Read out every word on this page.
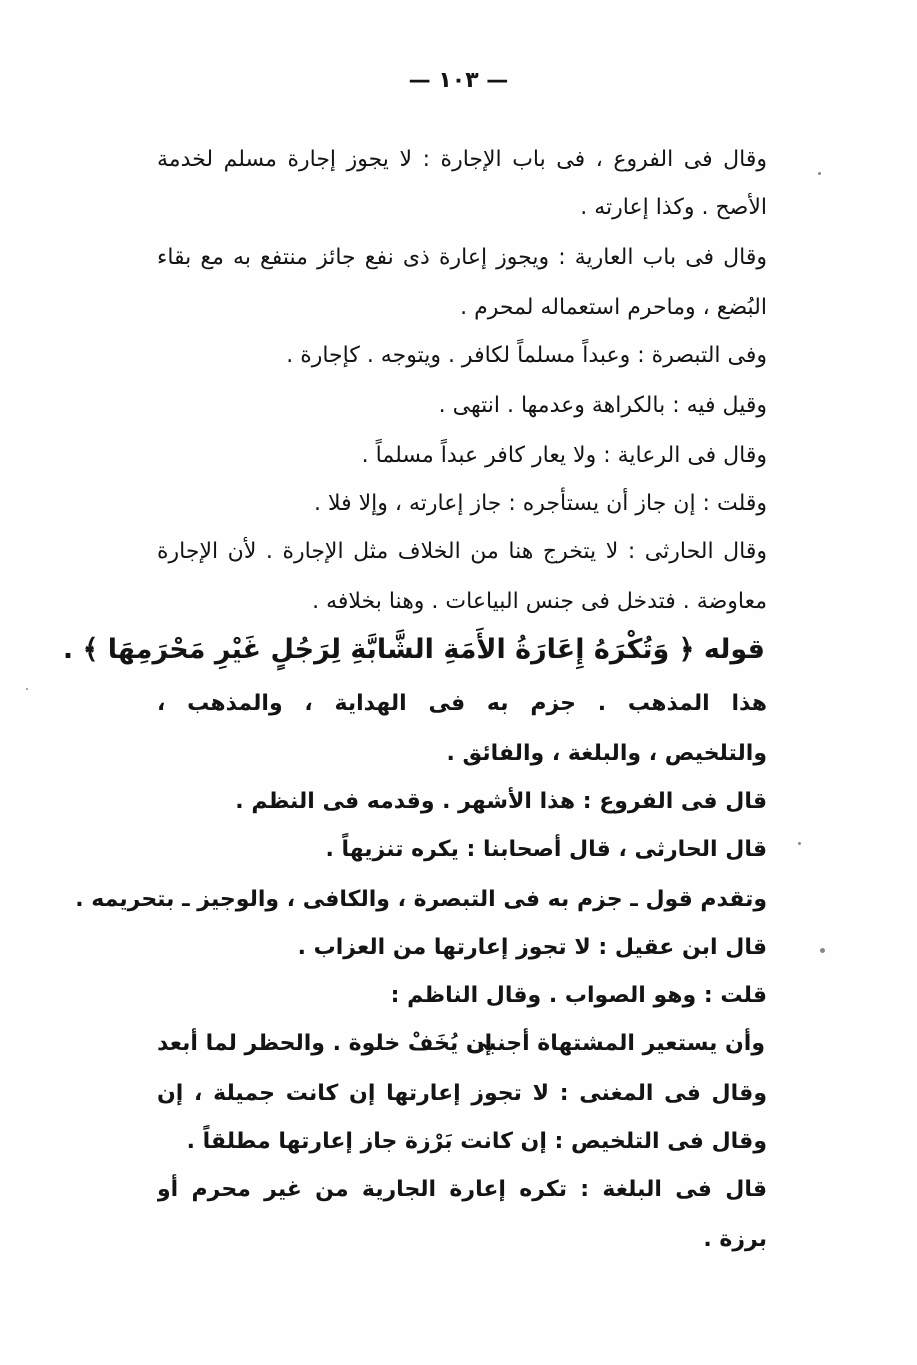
— ١٠٣ —
وقال فى الفروع ، فى باب الإجارة : لا يجوز إجارة مسلم لخدمة
الأصح . وكذا إعارته .
وقال فى باب العارية : ويجوز إعارة ذى نفع جائز منتفع به مع بقاء
البُضع ، وماحرم استعماله لمحرم .
وفى التبصرة : وعبداً مسلماً لكافر . ويتوجه . كإجارة .
وقيل فيه : بالكراهة وعدمها . انتهى .
وقال فى الرعاية : ولا يعار كافر عبداً مسلماً .
وقلت : إن جاز أن يستأجره : جاز إعارته ، وإلا فلا .
وقال الحارثى : لا يتخرج هنا من الخلاف مثل الإجارة . لأن الإجارة
معاوضة . فتدخل فى جنس البياعات . وهنا بخلافه .
قوله ﴿ وَتُكْرَهُ إِعَارَةُ الأَمَةِ الشَّابَّةِ لِرَجُلٍ غَيْرِ مَحْرَمِهَا ﴾ .
هذا المذهب . جزم به فى الهداية ، والمذهب ،
والتلخيص ، والبلغة ، والفائق .
قال فى الفروع : هذا الأشهر . وقدمه فى النظم .
قال الحارثى ، قال أصحابنا : يكره تنزيهاً .
وتقدم قول ـ جزم به فى التبصرة ، والكافى ، والوجيز ـ بتحريمه .
قال ابن عقيل : لا تجوز إعارتها من العزاب .
قلت : وهو الصواب . وقال الناظم :
وأن يستعير المشتهاة أجنبى
إن يُخَفْ خلوة . والحظر لما أبعد
وقال فى المغنى : لا تجوز إعارتها إن كانت جميلة ، إن
وقال فى التلخيص : إن كانت بَرْزة جاز إعارتها مطلقاً .
قال فى البلغة : تكره إعارة الجارية من غير محرم أو
برزة .
